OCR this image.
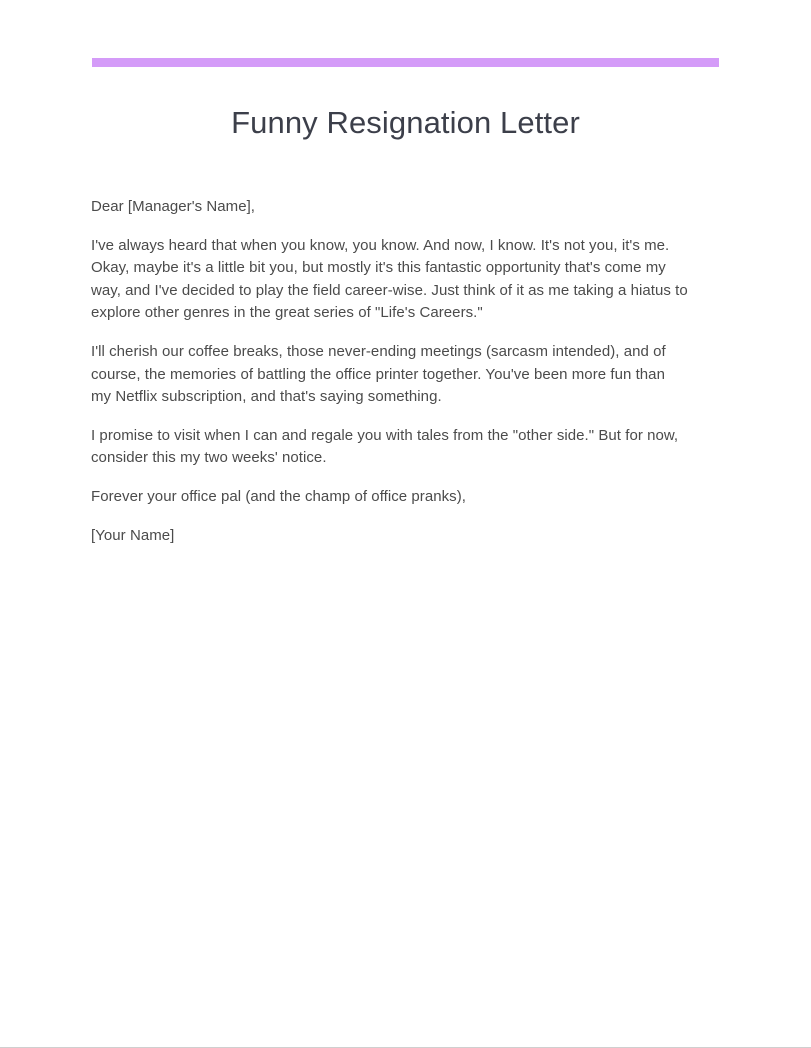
Funny Resignation Letter

Dear [Manager's Name],

I've always heard that when you know, you know. And now, I know. It's not you, it's me. Okay, maybe it's a little bit you, but mostly it's this fantastic opportunity that's come my way, and I've decided to play the field career-wise. Just think of it as me taking a hiatus to explore other genres in the great series of "Life's Careers."

I'll cherish our coffee breaks, those never-ending meetings (sarcasm intended), and of course, the memories of battling the office printer together. You've been more fun than my Netflix subscription, and that's saying something.

I promise to visit when I can and regale you with tales from the "other side." But for now, consider this my two weeks' notice.

Forever your office pal (and the champ of office pranks),

[Your Name]
